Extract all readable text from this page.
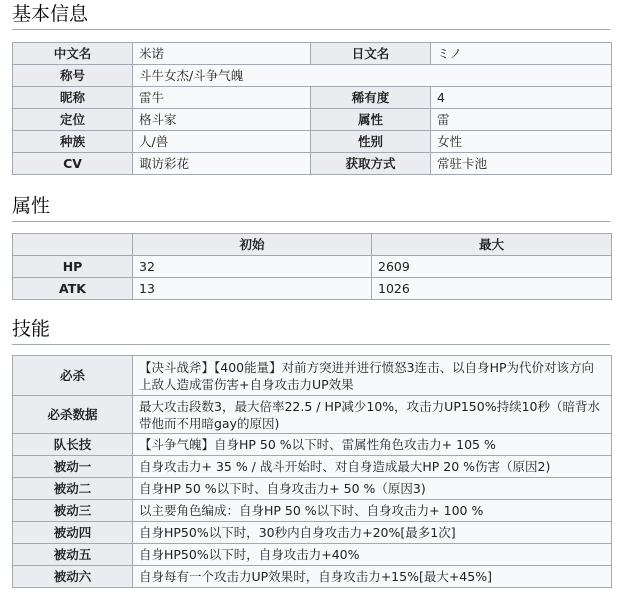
基本信息
中文名	米诺	日文名	ミノ
称号	斗牛女杰/斗争气魄		
昵称	雷牛	稀有度	4
定位	格斗家	属性	雷
种族	人/兽	性别	女性
CV	诹访彩花	获取方式	常驻卡池
属性
	初始	最大
HP	32	2609
ATK	13	1026
技能
必杀	【决斗战斧】【400能量】对前方突进并进行愤怒3连击、以自身HP为代价对该方向上敌人造成雷伤害+自身攻击力UP效果
必杀数据	最大攻击段数3，最大倍率22.5 / HP减少10%，攻击力UP150%持续10秒（暗背水带他而不用暗gay的原因)
队长技	【斗争气魄】自身HP 50 %以下时、雷属性角色攻击力+ 105 %
被动一	自身攻击力+ 35 % / 战斗开始时、对自身造成最大HP 20 %伤害（原因2)
被动二	自身HP 50 %以下时、自身攻击力+ 50 %（原因3)
被动三	以主要角色编成：自身HP 50 %以下时、自身攻击力+ 100 %
被动四	自身HP50%以下时，30秒内自身攻击力+20%[最多1次]
被动五	自身HP50%以下时，自身攻击力+40%
被动六	自身每有一个攻击力UP效果时，自身攻击力+15%[最大+45%]
